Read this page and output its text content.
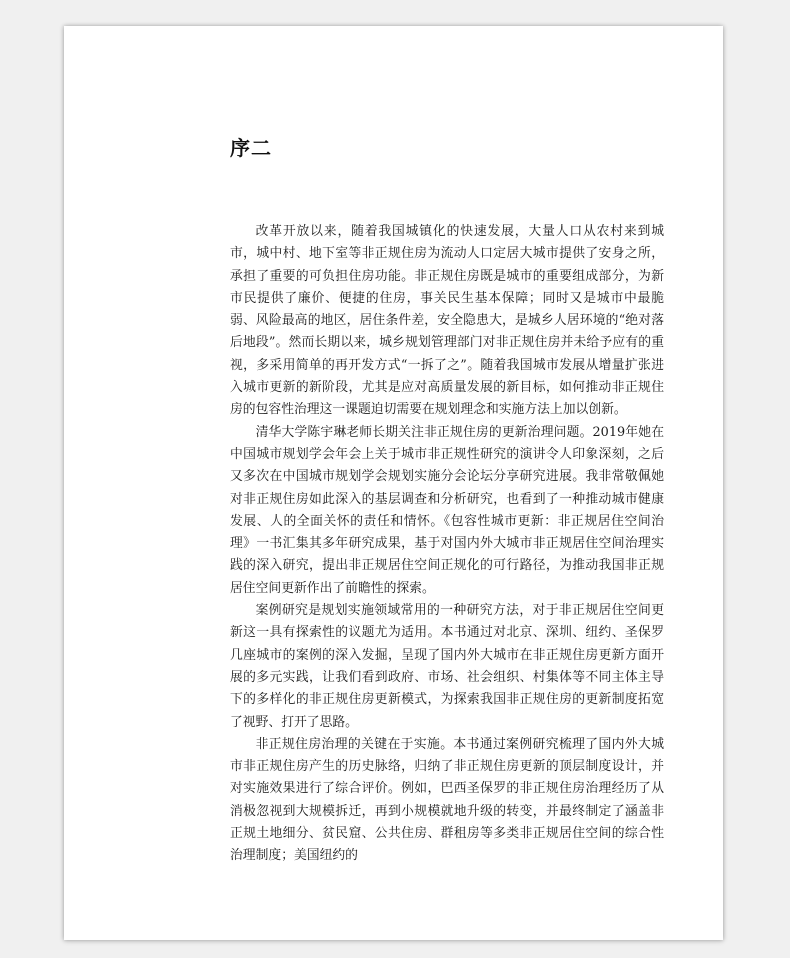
序二

改革开放以来，随着我国城镇化的快速发展，大量人口从农村来到城市，城中村、地下室等非正规住房为流动人口定居大城市提供了安身之所，承担了重要的可负担住房功能。非正规住房既是城市的重要组成部分，为新市民提供了廉价、便捷的住房，事关民生基本保障；同时又是城市中最脆弱、风险最高的地区，居住条件差，安全隐患大，是城乡人居环境的“绝对落后地段”。然而长期以来，城乡规划管理部门对非正规住房并未给予应有的重视，多采用简单的再开发方式“一拆了之”。随着我国城市发展从增量扩张进入城市更新的新阶段，尤其是应对高质量发展的新目标，如何推动非正规住房的包容性治理这一课题迫切需要在规划理念和实施方法上加以创新。

清华大学陈宇琳老师长期关注非正规住房的更新治理问题。2019年她在中国城市规划学会年会上关于城市非正规性研究的演讲令人印象深刻，之后又多次在中国城市规划学会规划实施分会论坛分享研究进展。我非常敬佩她对非正规住房如此深入的基层调查和分析研究，也看到了一种推动城市健康发展、人的全面关怀的责任和情怀。《包容性城市更新：非正规居住空间治理》一书汇集其多年研究成果，基于对国内外大城市非正规居住空间治理实践的深入研究，提出非正规居住空间正规化的可行路径，为推动我国非正规居住空间更新作出了前瞻性的探索。

案例研究是规划实施领域常用的一种研究方法，对于非正规居住空间更新这一具有探索性的议题尤为适用。本书通过对北京、深圳、纽约、圣保罗几座城市的案例的深入发掘，呈现了国内外大城市在非正规住房更新方面开展的多元实践，让我们看到政府、市场、社会组织、村集体等不同主体主导下的多样化的非正规住房更新模式，为探索我国非正规住房的更新制度拓宽了视野、打开了思路。

非正规住房治理的关键在于实施。本书通过案例研究梳理了国内外大城市非正规住房产生的历史脉络，归纳了非正规住房更新的顶层制度设计，并对实施效果进行了综合评价。例如，巴西圣保罗的非正规住房治理经历了从消极忽视到大规模拆迁，再到小规模就地升级的转变，并最终制定了涵盖非正规土地细分、贫民窟、公共住房、群租房等多类非正规居住空间的综合性治理制度；美国纽约的
